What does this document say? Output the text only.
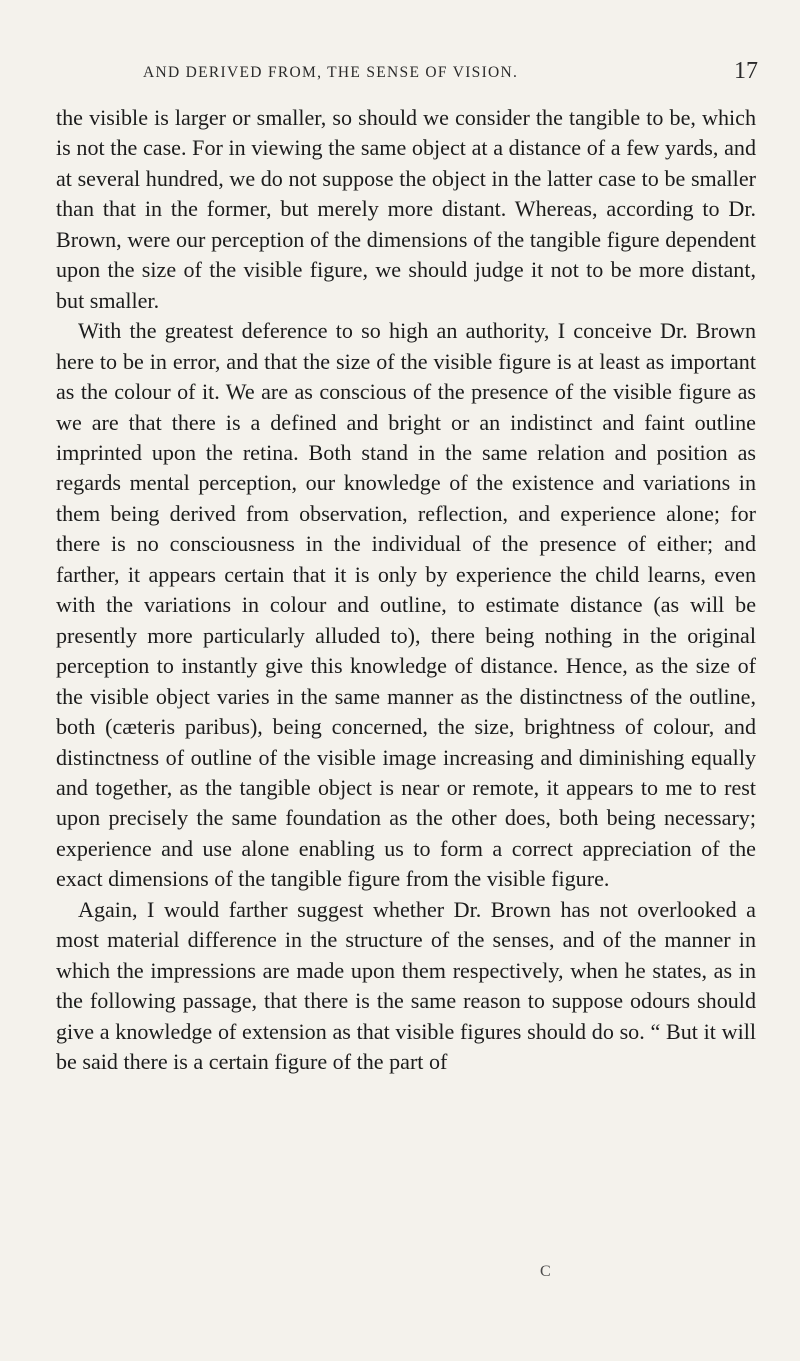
AND DERIVED FROM, THE SENSE OF VISION.	17

the visible is larger or smaller, so should we consider the tangible to be, which is not the case. For in viewing the same object at a distance of a few yards, and at several hundred, we do not suppose the object in the latter case to be smaller than that in the former, but merely more distant. Whereas, according to Dr. Brown, were our perception of the dimensions of the tangible figure dependent upon the size of the visible figure, we should judge it not to be more distant, but smaller.

With the greatest deference to so high an authority, I conceive Dr. Brown here to be in error, and that the size of the visible figure is at least as important as the colour of it. We are as conscious of the presence of the visible figure as we are that there is a defined and bright or an indistinct and faint outline imprinted upon the retina. Both stand in the same relation and position as regards mental perception, our knowledge of the existence and variations in them being derived from observation, reflection, and experience alone; for there is no consciousness in the individual of the presence of either; and farther, it appears certain that it is only by experience the child learns, even with the variations in colour and outline, to estimate distance (as will be presently more particularly alluded to), there being nothing in the original perception to instantly give this knowledge of distance. Hence, as the size of the visible object varies in the same manner as the distinctness of the outline, both (cæteris paribus), being concerned, the size, brightness of colour, and distinctness of outline of the visible image increasing and diminishing equally and together, as the tangible object is near or remote, it appears to me to rest upon precisely the same foundation as the other does, both being necessary; experience and use alone enabling us to form a correct appreciation of the exact dimensions of the tangible figure from the visible figure.

Again, I would farther suggest whether Dr. Brown has not overlooked a most material difference in the structure of the senses, and of the manner in which the impressions are made upon them respectively, when he states, as in the following passage, that there is the same reason to suppose odours should give a knowledge of extension as that visible figures should do so. “ But it will be said there is a certain figure of the part of

C
